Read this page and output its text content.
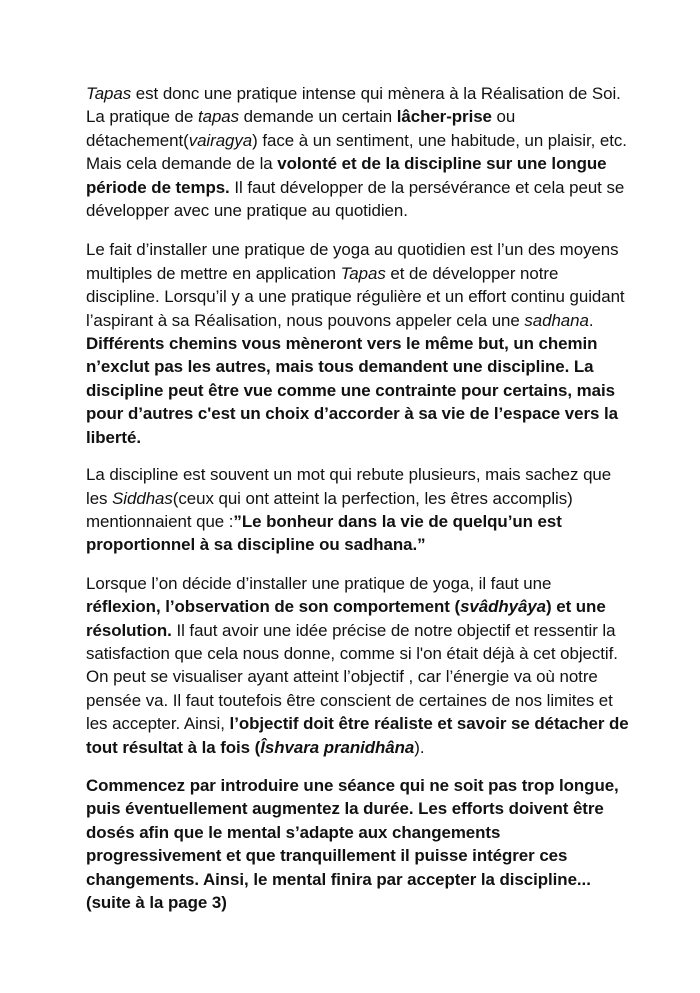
Tapas est donc une pratique intense qui mènera à la Réalisation de Soi.
La pratique de tapas demande un certain lâcher-prise ou
détachement(vairagya) face à un sentiment, une habitude, un plaisir, etc.
Mais cela demande de la volonté et de la discipline sur une longue
période de temps. Il faut développer de la persévérance et cela peut se
développer avec une pratique au quotidien.
Le fait d’installer une pratique de yoga au quotidien est l’un des moyens
multiples de mettre en application Tapas et de développer notre
discipline. Lorsqu’il y a une pratique régulière et un effort continu guidant
l’aspirant à sa Réalisation, nous pouvons appeler cela une sadhana.
Différents chemins vous mèneront vers le même but, un chemin
n’exclut pas les autres, mais tous demandent une discipline. La
discipline peut être vue comme une contrainte pour certains, mais
pour d’autres c'est un choix d’accorder à sa vie de l’espace vers la
liberté.
La discipline est souvent un mot qui rebute plusieurs, mais sachez que
les Siddhas(ceux qui ont atteint la perfection, les êtres accomplis)
mentionnaient que :”Le bonheur dans la vie de quelqu’un est
proportionnel à sa discipline ou sadhana.”
Lorsque l’on décide d’installer une pratique de yoga, il faut une
réflexion, l’observation de son comportement (svâdhyâya) et une
résolution. Il faut avoir une idée précise de notre objectif et ressentir la
satisfaction que cela nous donne, comme si l'on était déjà à cet objectif.
On peut se visualiser ayant atteint l’objectif , car l’énergie va où notre
pensée va. Il faut toutefois être conscient de certaines de nos limites et
les accepter. Ainsi, l’objectif doit être réaliste et savoir se détacher de
tout résultat à la fois (Îshvara pranidhâna).
Commencez par introduire une séance qui ne soit pas trop longue,
puis éventuellement augmentez la durée. Les efforts doivent être
dosés afin que le mental s’adapte aux changements
progressivement et que tranquillement il puisse intégrer ces
changements. Ainsi, le mental finira par accepter la discipline...
(suite à la page 3)
